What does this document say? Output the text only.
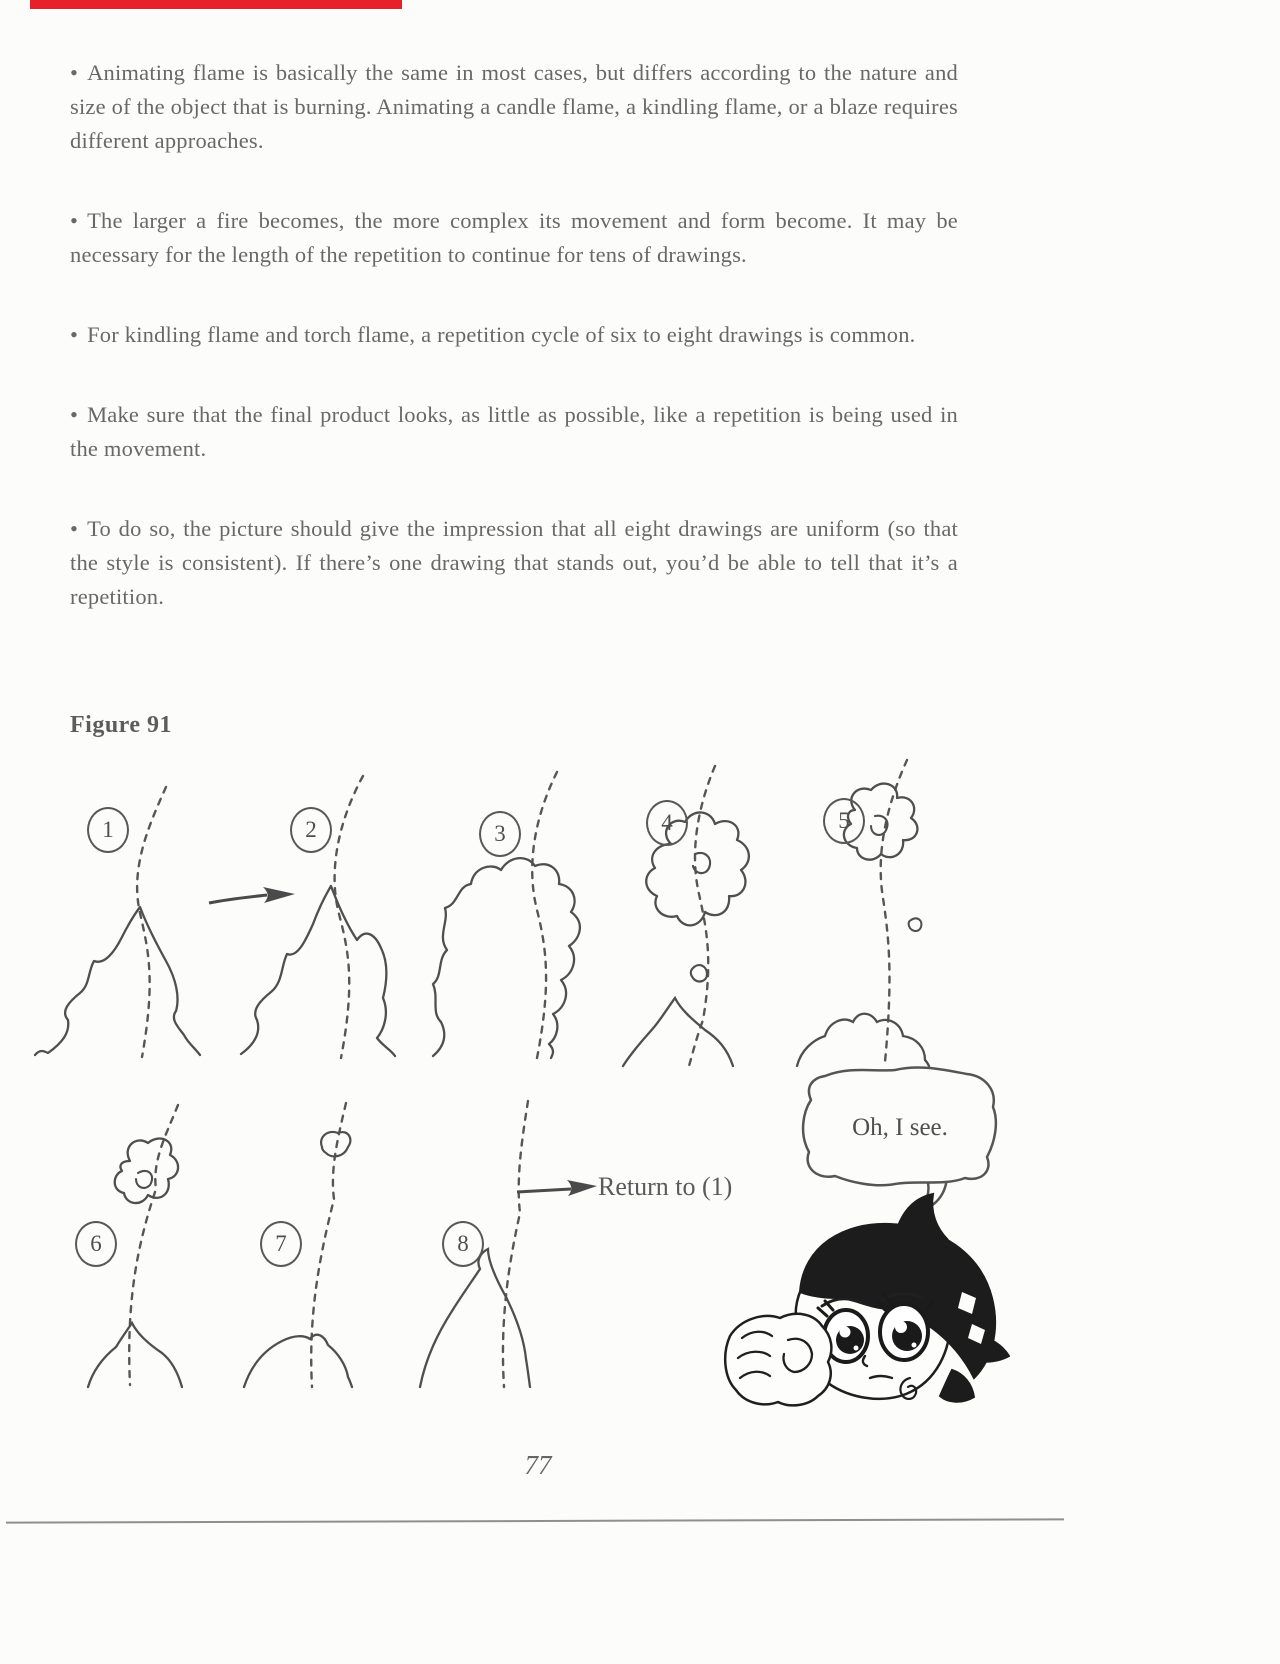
• Animating flame is basically the same in most cases, but differs according to the nature and size of the object that is burning. Animating a candle flame, a kindling flame, or a blaze requires different approaches.

• The larger a fire becomes, the more complex its movement and form become. It may be necessary for the length of the repetition to continue for tens of drawings.

• For kindling flame and torch flame, a repetition cycle of six to eight drawings is common.

• Make sure that the final product looks, as little as possible, like a repetition is being used in the movement.

• To do so, the picture should give the impression that all eight drawings are uniform (so that the style is consistent). If there’s one drawing that stands out, you’d be able to tell that it’s a repetition.

Figure 91
1	2	3	4	5
6	7	8
Return to (1)
Oh, I see.
77
